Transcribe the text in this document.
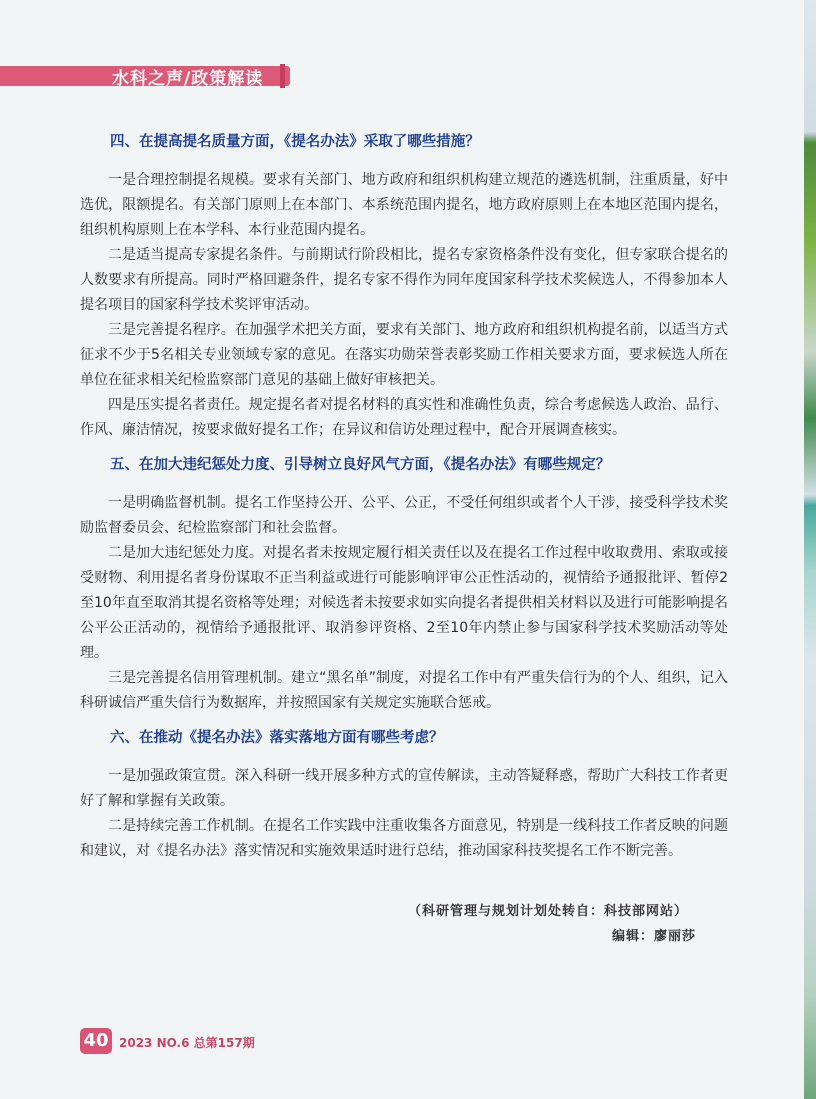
水科之声/政策解读
四、在提高提名质量方面，《提名办法》采取了哪些措施？

一是合理控制提名规模。要求有关部门、地方政府和组织机构建立规范的遴选机制，注重质量，好中选优，限额提名。有关部门原则上在本部门、本系统范围内提名，地方政府原则上在本地区范围内提名，组织机构原则上在本学科、本行业范围内提名。

二是适当提高专家提名条件。与前期试行阶段相比，提名专家资格条件没有变化，但专家联合提名的人数要求有所提高。同时严格回避条件，提名专家不得作为同年度国家科学技术奖候选人，不得参加本人提名项目的国家科学技术奖评审活动。

三是完善提名程序。在加强学术把关方面，要求有关部门、地方政府和组织机构提名前，以适当方式征求不少于5名相关专业领域专家的意见。在落实功勋荣誉表彰奖励工作相关要求方面，要求候选人所在单位在征求相关纪检监察部门意见的基础上做好审核把关。

四是压实提名者责任。规定提名者对提名材料的真实性和准确性负责，综合考虑候选人政治、品行、作风、廉洁情况，按要求做好提名工作；在异议和信访处理过程中，配合开展调查核实。

五、在加大违纪惩处力度、引导树立良好风气方面，《提名办法》有哪些规定？

一是明确监督机制。提名工作坚持公开、公平、公正，不受任何组织或者个人干涉，接受科学技术奖励监督委员会、纪检监察部门和社会监督。

二是加大违纪惩处力度。对提名者未按规定履行相关责任以及在提名工作过程中收取费用、索取或接受财物、利用提名者身份谋取不正当利益或进行可能影响评审公正性活动的，视情给予通报批评、暂停2至10年直至取消其提名资格等处理；对候选者未按要求如实向提名者提供相关材料以及进行可能影响提名公平公正活动的，视情给予通报批评、取消参评资格、2至10年内禁止参与国家科学技术奖励活动等处理。

三是完善提名信用管理机制。建立“黑名单”制度，对提名工作中有严重失信行为的个人、组织，记入科研诚信严重失信行为数据库，并按照国家有关规定实施联合惩戒。

六、在推动《提名办法》落实落地方面有哪些考虑？

一是加强政策宣贯。深入科研一线开展多种方式的宣传解读，主动答疑释惑，帮助广大科技工作者更好了解和掌握有关政策。

二是持续完善工作机制。在提名工作实践中注重收集各方面意见，特别是一线科技工作者反映的问题和建议，对《提名办法》落实情况和实施效果适时进行总结，推动国家科技奖提名工作不断完善。

（科研管理与规划计划处转自：科技部网站）
编辑：廖丽莎
40 2023 NO.6 总第157期
